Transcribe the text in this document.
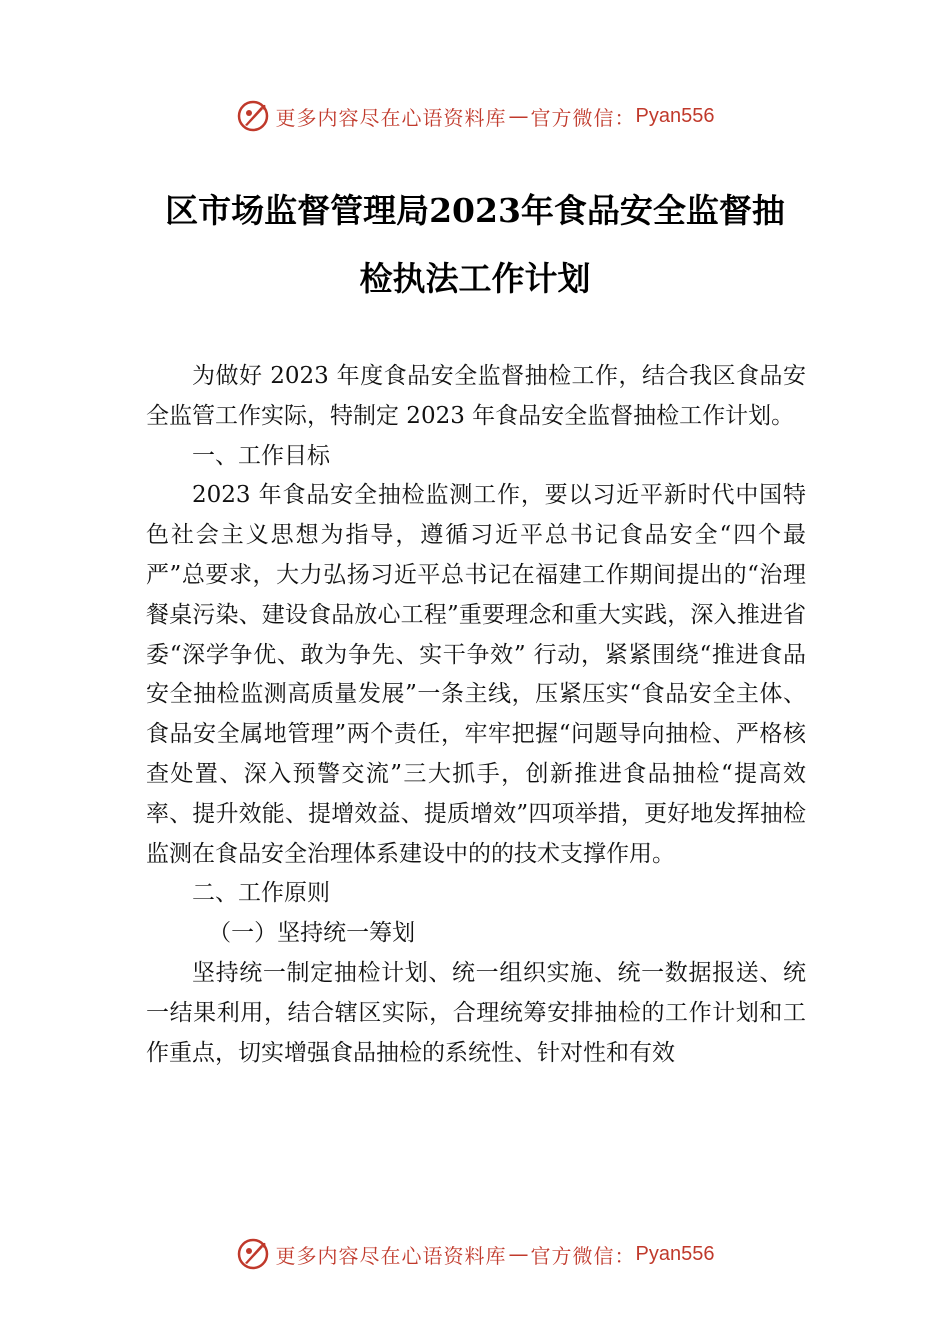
更多内容尽在心语资料库 — 官方微信： Pyan556
区市场监督管理局2023年食品安全监督抽
检执法工作计划

为做好 2023 年度食品安全监督抽检工作，结合我区食品安全监管工作实际，特制定 2023 年食品安全监督抽检工作计划。

一、工作目标

2023 年食品安全抽检监测工作，要以习近平新时代中国特色社会主义思想为指导，遵循习近平总书记食品安全“四个最严”总要求，大力弘扬习近平总书记在福建工作期间提出的“治理餐桌污染、建设食品放心工程”重要理念和重大实践，深入推进省委“深学争优、敢为争先、实干争效” 行动，紧紧围绕“推进食品安全抽检监测高质量发展”一条主线，压紧压实“食品安全主体、食品安全属地管理”两个责任，牢牢把握“问题导向抽检、严格核查处置、深入预警交流”三大抓手，创新推进食品抽检“提高效率、提升效能、提增效益、提质增效”四项举措，更好地发挥抽检监测在食品安全治理体系建设中的的技术支撑作用。

二、工作原则

（一）坚持统一筹划

坚持统一制定抽检计划、统一组织实施、统一数据报送、统一结果利用，结合辖区实际，合理统筹安排抽检的工作计划和工作重点，切实增强食品抽检的系统性、针对性和有效

更多内容尽在心语资料库 — 官方微信： Pyan556
